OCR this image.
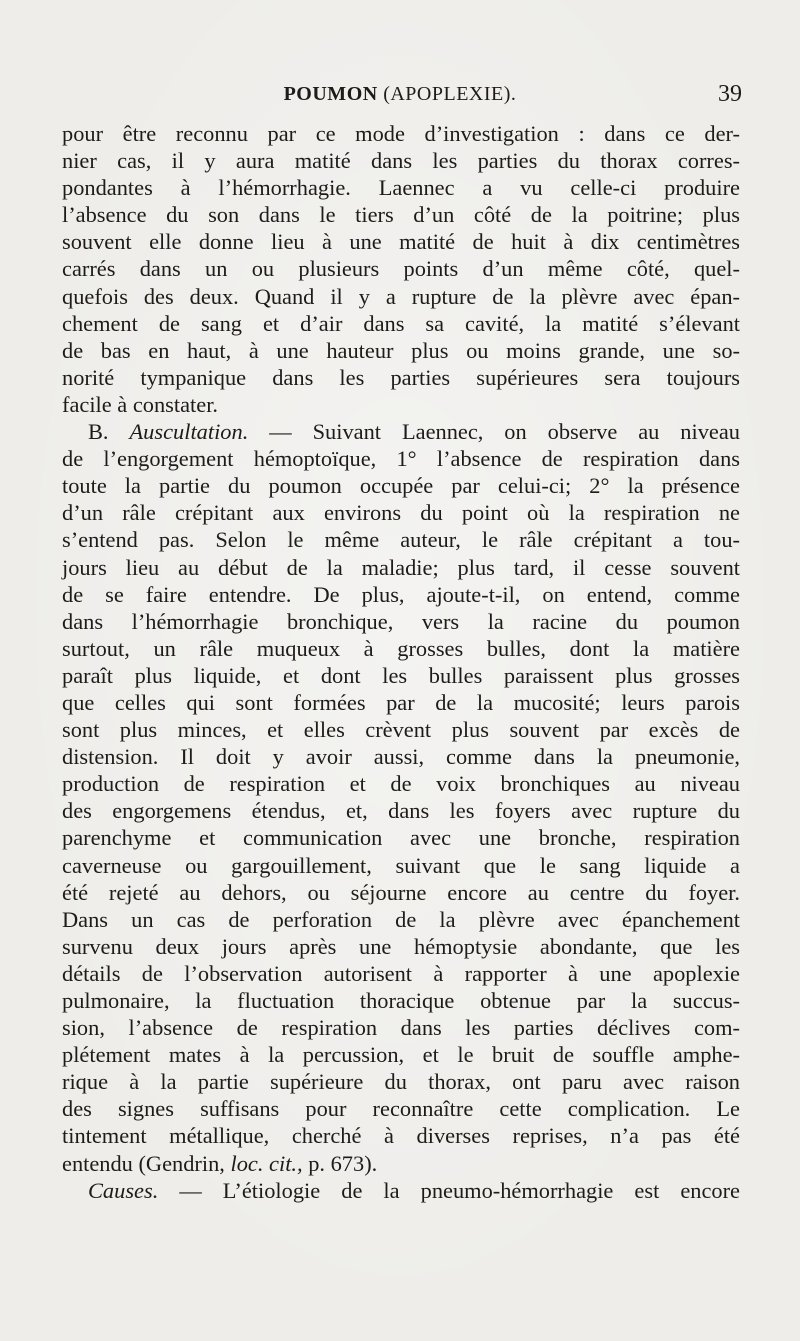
POUMON (APOPLEXIE).	39
pour être reconnu par ce mode d’investigation : dans ce der-
nier cas, il y aura matité dans les parties du thorax corres-
pondantes à l’hémorrhagie. Laennec a vu celle-ci produire
l’absence du son dans le tiers d’un côté de la poitrine; plus
souvent elle donne lieu à une matité de huit à dix centimètres
carrés dans un ou plusieurs points d’un même côté, quel-
quefois des deux. Quand il y a rupture de la plèvre avec épan-
chement de sang et d’air dans sa cavité, la matité s’élevant
de bas en haut, à une hauteur plus ou moins grande, une so-
norité tympanique dans les parties supérieures sera toujours
facile à constater.
B. Auscultation. — Suivant Laennec, on observe au niveau
de l’engorgement hémoptoïque, 1° l’absence de respiration dans
toute la partie du poumon occupée par celui-ci; 2° la présence
d’un râle crépitant aux environs du point où la respiration ne
s’entend pas. Selon le même auteur, le râle crépitant a tou-
jours lieu au début de la maladie; plus tard, il cesse souvent
de se faire entendre. De plus, ajoute-t-il, on entend, comme
dans l’hémorrhagie bronchique, vers la racine du poumon
surtout, un râle muqueux à grosses bulles, dont la matière
paraît plus liquide, et dont les bulles paraissent plus grosses
que celles qui sont formées par de la mucosité; leurs parois
sont plus minces, et elles crèvent plus souvent par excès de
distension. Il doit y avoir aussi, comme dans la pneumonie,
production de respiration et de voix bronchiques au niveau
des engorgemens étendus, et, dans les foyers avec rupture du
parenchyme et communication avec une bronche, respiration
caverneuse ou gargouillement, suivant que le sang liquide a
été rejeté au dehors, ou séjourne encore au centre du foyer.
Dans un cas de perforation de la plèvre avec épanchement
survenu deux jours après une hémoptysie abondante, que les
détails de l’observation autorisent à rapporter à une apoplexie
pulmonaire, la fluctuation thoracique obtenue par la succus-
sion, l’absence de respiration dans les parties déclives com-
plétement mates à la percussion, et le bruit de souffle amphe-
rique à la partie supérieure du thorax, ont paru avec raison
des signes suffisans pour reconnaître cette complication. Le
tintement métallique, cherché à diverses reprises, n’a pas été
entendu (Gendrin, loc. cit., p. 673).
Causes. — L’étiologie de la pneumo-hémorrhagie est encore
